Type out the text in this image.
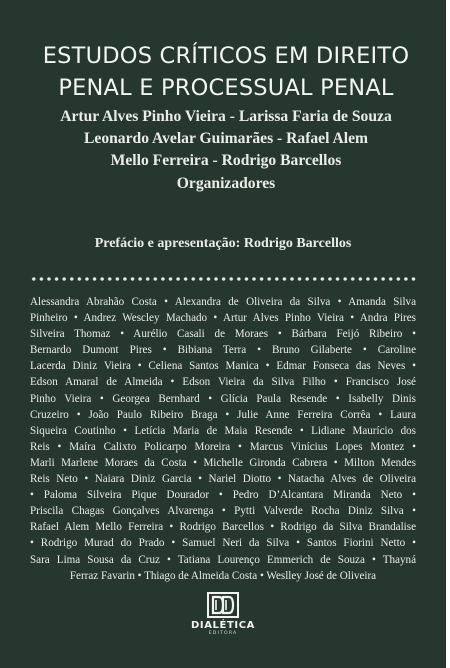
ESTUDOS CRÍTICOS EM DIREITO
PENAL E PROCESSUAL PENAL
Artur Alves Pinho Vieira - Larissa Faria de Souza
Leonardo Avelar Guimarães - Rafael Alem
Mello Ferreira - Rodrigo Barcellos
Organizadores
Prefácio e apresentação: Rodrigo Barcellos
Alessandra Abrahão Costa • Alexandra de Oliveira da Silva • Amanda Silva
Pinheiro • Andrez Wescley Machado • Artur Alves Pinho Vieira • Andra Pires
Silveira Thomaz • Aurélio Casali de Moraes • Bárbara Feijó Ribeiro •
Bernardo Dumont Pires • Bibiana Terra • Bruno Gilaberte • Caroline
Lacerda Diniz Vieira • Celiena Santos Manica • Edmar Fonseca das Neves •
Edson Amaral de Almeida • Edson Vieira da Silva Filho • Francisco José
Pinho Vieira • Georgea Bernhard • Glícia Paula Resende • Isabelly Dinis
Cruzeiro • João Paulo Ribeiro Braga • Julie Anne Ferreira Corrêa • Laura
Siqueira Coutinho • Letícia Maria de Maia Resende • Lidiane Maurício dos
Reis • Maíra Calixto Policarpo Moreira • Marcus Vinícius Lopes Montez •
Marli Marlene Moraes da Costa • Michelle Gironda Cabrera • Milton Mendes
Reis Neto • Naiara Diniz Garcia • Nariel Diotto • Natacha Alves de Oliveira
• Paloma Silveira Pique Dourador • Pedro D’Alcantara Miranda Neto •
Priscila Chagas Gonçalves Alvarenga • Pytti Valverde Rocha Diniz Silva •
Rafael Alem Mello Ferreira • Rodrigo Barcellos • Rodrigo da Silva Brandalise
• Rodrigo Murad do Prado • Samuel Neri da Silva • Santos Fiorini Netto •
Sara Lima Sousa da Cruz • Tatiana Lourenço Emmerich de Souza • Thayná
Ferraz Favarin • Thiago de Almeida Costa • Weslley José de Oliveira
DIALÉTICA
EDITORA
